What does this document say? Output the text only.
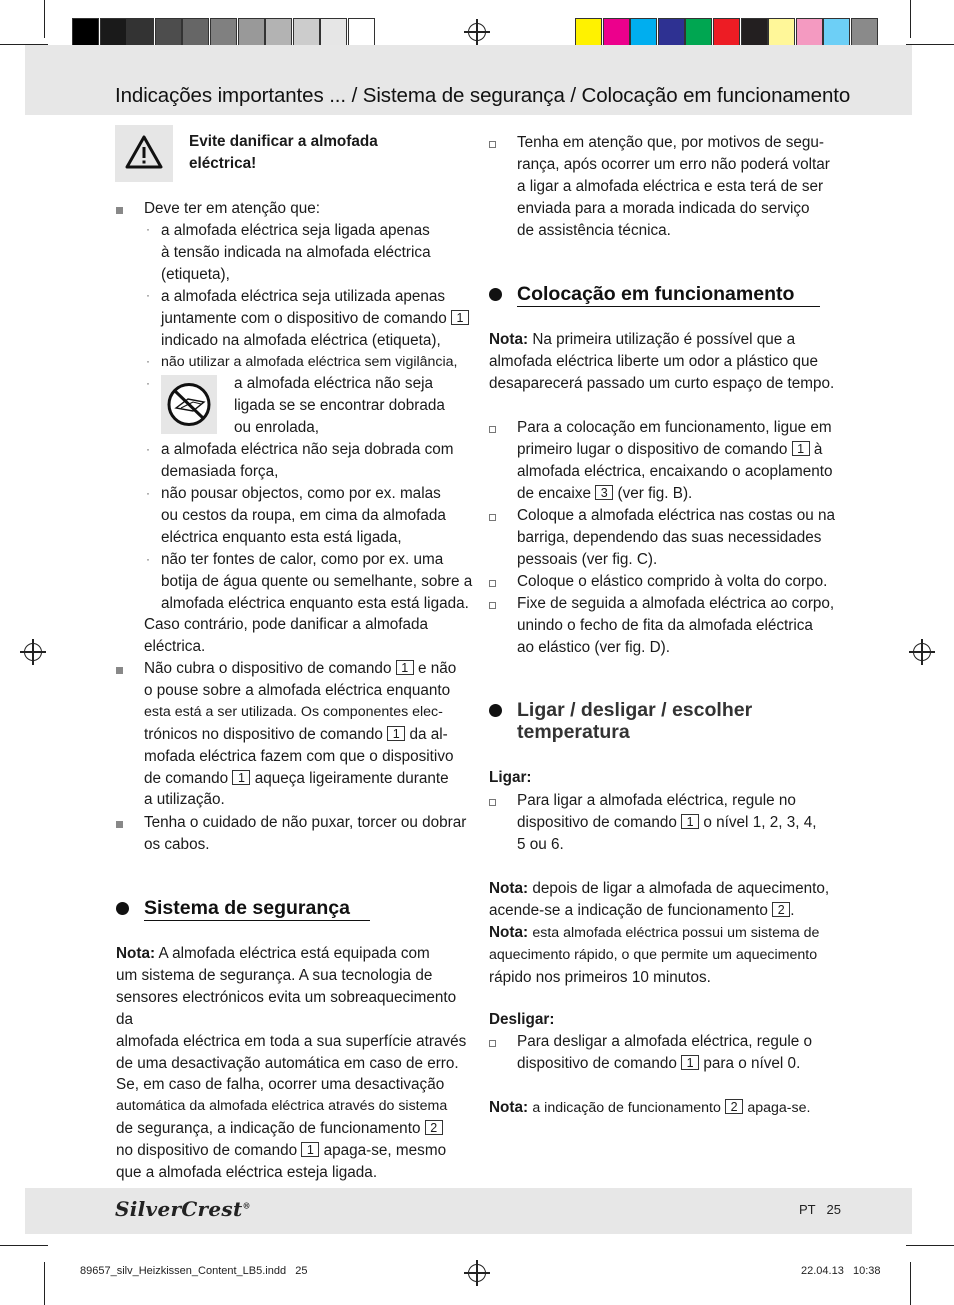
Indicações importantes ... / Sistema de segurança / Colocação em funcionamento
Evite danificar a almofada eléctrica!
Deve ter em atenção que:
· a almofada eléctrica seja ligada apenas
à tensão indicada na almofada eléctrica
(etiqueta),
· a almofada eléctrica seja utilizada apenas
juntamente com o dispositivo de comando 1
indicado na almofada eléctrica (etiqueta),
· não utilizar a almofada eléctrica sem vigilância,
·	a almofada eléctrica não seja
ligada se se encontrar dobrada
ou enrolada,
· a almofada eléctrica não seja dobrada com
demasiada força,
· não pousar objectos, como por ex. malas
ou cestos da roupa, em cima da almofada
eléctrica enquanto esta está ligada,
· não ter fontes de calor, como por ex. uma
botija de água quente ou semelhante, sobre a
almofada eléctrica enquanto esta está ligada.
Caso contrário, pode danificar a almofada
eléctrica.
Não cubra o dispositivo de comando 1 e não
o pouse sobre a almofada eléctrica enquanto
esta está a ser utilizada. Os componentes elec-
trónicos no dispositivo de comando 1 da al-
mofada eléctrica fazem com que o dispositivo
de comando 1 aqueça ligeiramente durante
a utilização.
Tenha o cuidado de não puxar, torcer ou dobrar
os cabos.
Sistema de segurança
Nota: A almofada eléctrica está equipada com
um sistema de segurança. A sua tecnologia de
sensores electrónicos evita um sobreaquecimento da
almofada eléctrica em toda a sua superfície através
de uma desactivação automática em caso de erro.
Se, em caso de falha, ocorrer uma desactivação
automática da almofada eléctrica através do sistema
de segurança, a indicação de funcionamento 2
no dispositivo de comando 1 apaga-se, mesmo
que a almofada eléctrica esteja ligada.
Tenha em atenção que, por motivos de segu-
rança, após ocorrer um erro não poderá voltar
a ligar a almofada eléctrica e esta terá de ser
enviada para a morada indicada do serviço
de assistência técnica.
Colocação em funcionamento
Nota: Na primeira utilização é possível que a
almofada eléctrica liberte um odor a plástico que
desaparecerá passado um curto espaço de tempo.
Para a colocação em funcionamento, ligue em
primeiro lugar o dispositivo de comando 1 à
almofada eléctrica, encaixando o acoplamento
de encaixe 3 (ver fig. B).
Coloque a almofada eléctrica nas costas ou na
barriga, dependendo das suas necessidades
pessoais (ver fig. C).
Coloque o elástico comprido à volta do corpo.
Fixe de seguida a almofada eléctrica ao corpo,
unindo o fecho de fita da almofada eléctrica
ao elástico (ver fig. D).
Ligar / desligar / escolher
temperatura
Ligar:
Para ligar a almofada eléctrica, regule no
dispositivo de comando 1 o nível 1, 2, 3, 4,
5 ou 6.
Nota: depois de ligar a almofada de aquecimento,
acende-se a indicação de funcionamento 2 .
Nota: esta almofada eléctrica possui um sistema de
aquecimento rápido, o que permite um aquecimento
rápido nos primeiros 10 minutos.
Desligar:
Para desligar a almofada eléctrica, regule o
dispositivo de comando 1 para o nível 0.
Nota: a indicação de funcionamento 2 apaga-se.
SilverCrest®	PT 25
89657_silv_Heizkissen_Content_LB5.indd   25	22.04.13   10:38
